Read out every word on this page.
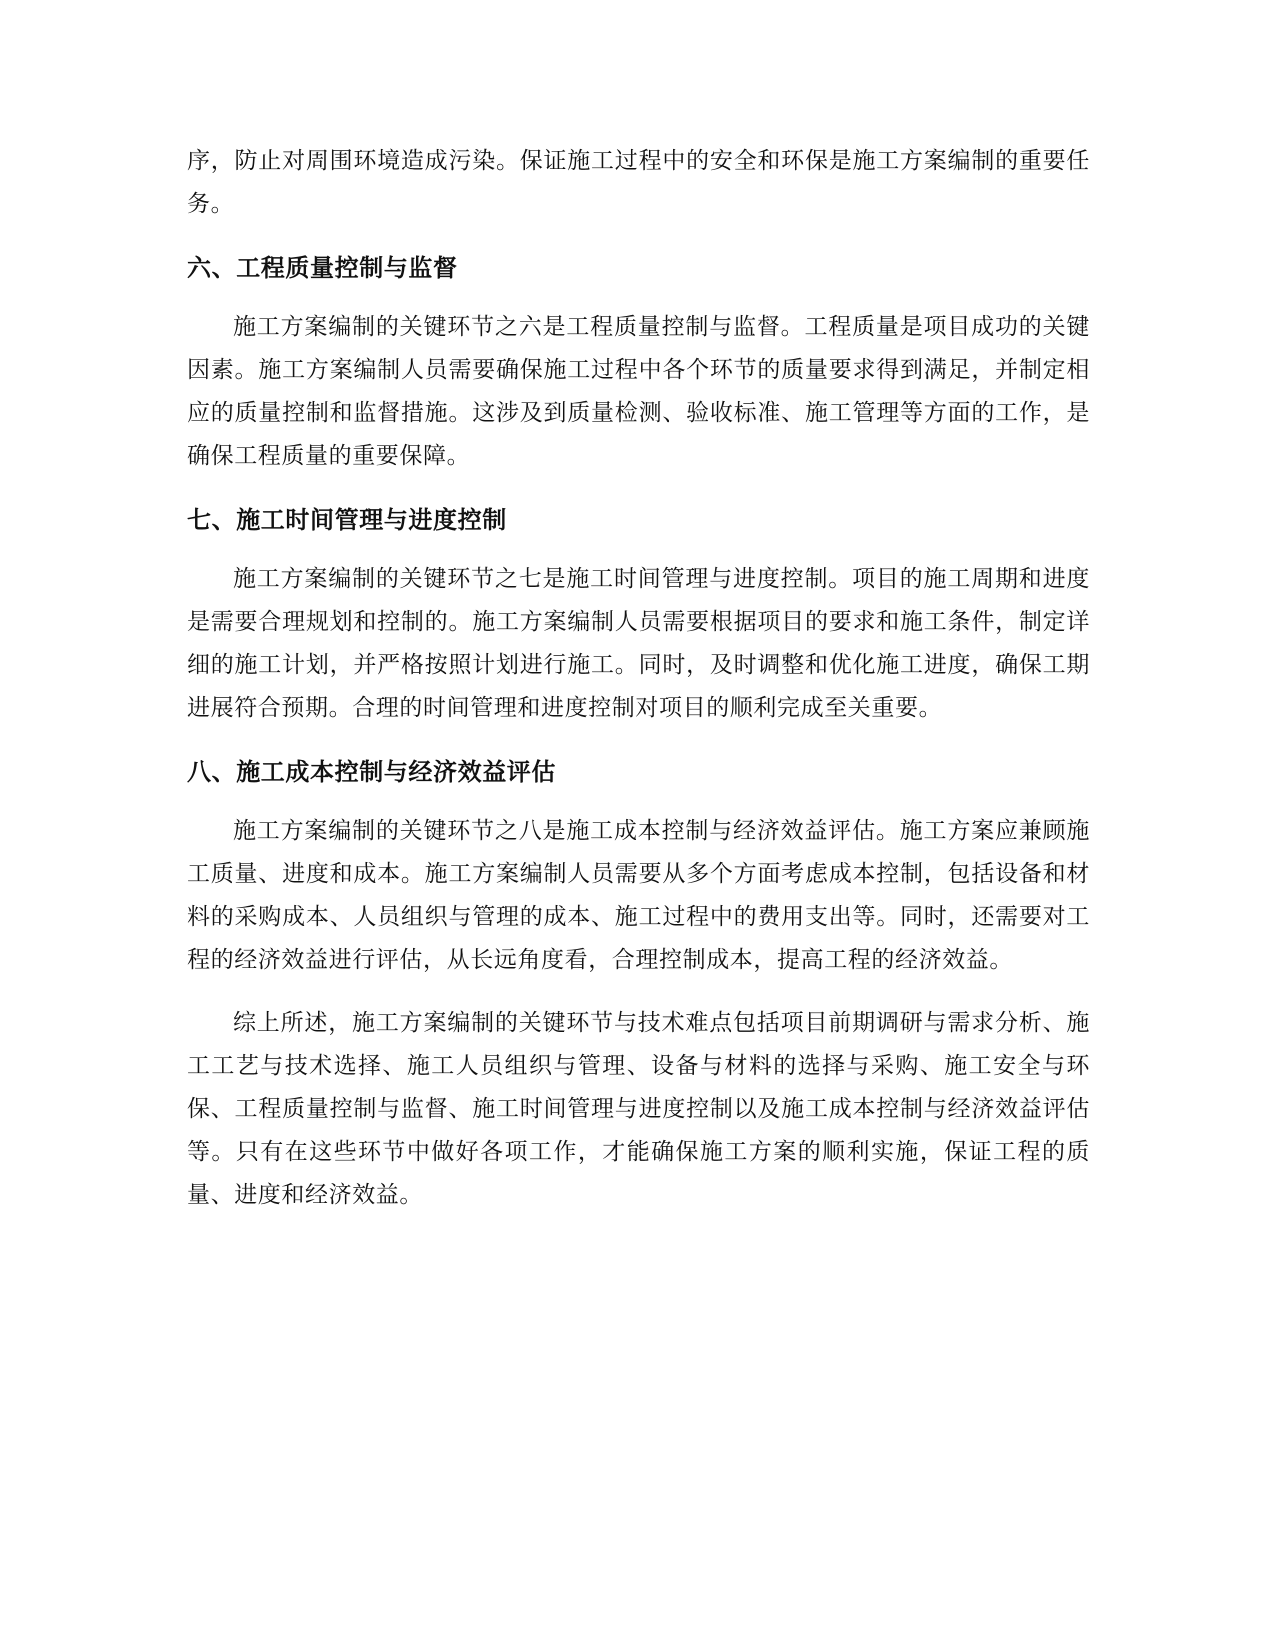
序，防止对周围环境造成污染。保证施工过程中的安全和环保是施工方案编制的重要任务。

六、工程质量控制与监督

施工方案编制的关键环节之六是工程质量控制与监督。工程质量是项目成功的关键因素。施工方案编制人员需要确保施工过程中各个环节的质量要求得到满足，并制定相应的质量控制和监督措施。这涉及到质量检测、验收标准、施工管理等方面的工作，是确保工程质量的重要保障。

七、施工时间管理与进度控制

施工方案编制的关键环节之七是施工时间管理与进度控制。项目的施工周期和进度是需要合理规划和控制的。施工方案编制人员需要根据项目的要求和施工条件，制定详细的施工计划，并严格按照计划进行施工。同时，及时调整和优化施工进度，确保工期进展符合预期。合理的时间管理和进度控制对项目的顺利完成至关重要。

八、施工成本控制与经济效益评估

施工方案编制的关键环节之八是施工成本控制与经济效益评估。施工方案应兼顾施工质量、进度和成本。施工方案编制人员需要从多个方面考虑成本控制，包括设备和材料的采购成本、人员组织与管理的成本、施工过程中的费用支出等。同时，还需要对工程的经济效益进行评估，从长远角度看，合理控制成本，提高工程的经济效益。

综上所述，施工方案编制的关键环节与技术难点包括项目前期调研与需求分析、施工工艺与技术选择、施工人员组织与管理、设备与材料的选择与采购、施工安全与环保、工程质量控制与监督、施工时间管理与进度控制以及施工成本控制与经济效益评估等。只有在这些环节中做好各项工作，才能确保施工方案的顺利实施，保证工程的质量、进度和经济效益。
